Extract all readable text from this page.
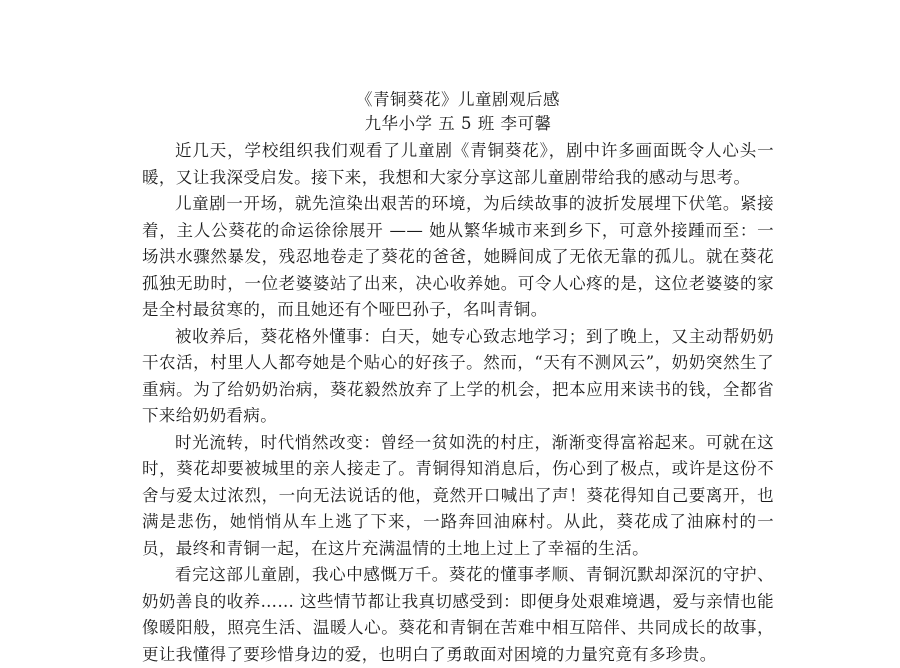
《青铜葵花》儿童剧观后感

九华小学 五 5 班 李可馨

近几天，学校组织我们观看了儿童剧《青铜葵花》，剧中许多画面既令人心头一暖，又让我深受启发。接下来，我想和大家分享这部儿童剧带给我的感动与思考。

儿童剧一开场，就先渲染出艰苦的环境，为后续故事的波折发展埋下伏笔。紧接着，主人公葵花的命运徐徐展开 —— 她从繁华城市来到乡下，可意外接踵而至：一场洪水骤然暴发，残忍地卷走了葵花的爸爸，她瞬间成了无依无靠的孤儿。就在葵花孤独无助时，一位老婆婆站了出来，决心收养她。可令人心疼的是，这位老婆婆的家是全村最贫寒的，而且她还有个哑巴孙子，名叫青铜。

被收养后，葵花格外懂事：白天，她专心致志地学习；到了晚上，又主动帮奶奶干农活，村里人人都夸她是个贴心的好孩子。然而，“天有不测风云”，奶奶突然生了重病。为了给奶奶治病，葵花毅然放弃了上学的机会，把本应用来读书的钱，全都省下来给奶奶看病。

时光流转，时代悄然改变：曾经一贫如洗的村庄，渐渐变得富裕起来。可就在这时，葵花却要被城里的亲人接走了。青铜得知消息后，伤心到了极点，或许是这份不舍与爱太过浓烈，一向无法说话的他，竟然开口喊出了声！葵花得知自己要离开，也满是悲伤，她悄悄从车上逃了下来，一路奔回油麻村。从此，葵花成了油麻村的一员，最终和青铜一起，在这片充满温情的土地上过上了幸福的生活。

看完这部儿童剧，我心中感慨万千。葵花的懂事孝顺、青铜沉默却深沉的守护、奶奶善良的收养…… 这些情节都让我真切感受到：即便身处艰难境遇，爱与亲情也能像暖阳般，照亮生活、温暖人心。葵花和青铜在苦难中相互陪伴、共同成长的故事，更让我懂得了要珍惜身边的爱，也明白了勇敢面对困境的力量究竟有多珍贵。
